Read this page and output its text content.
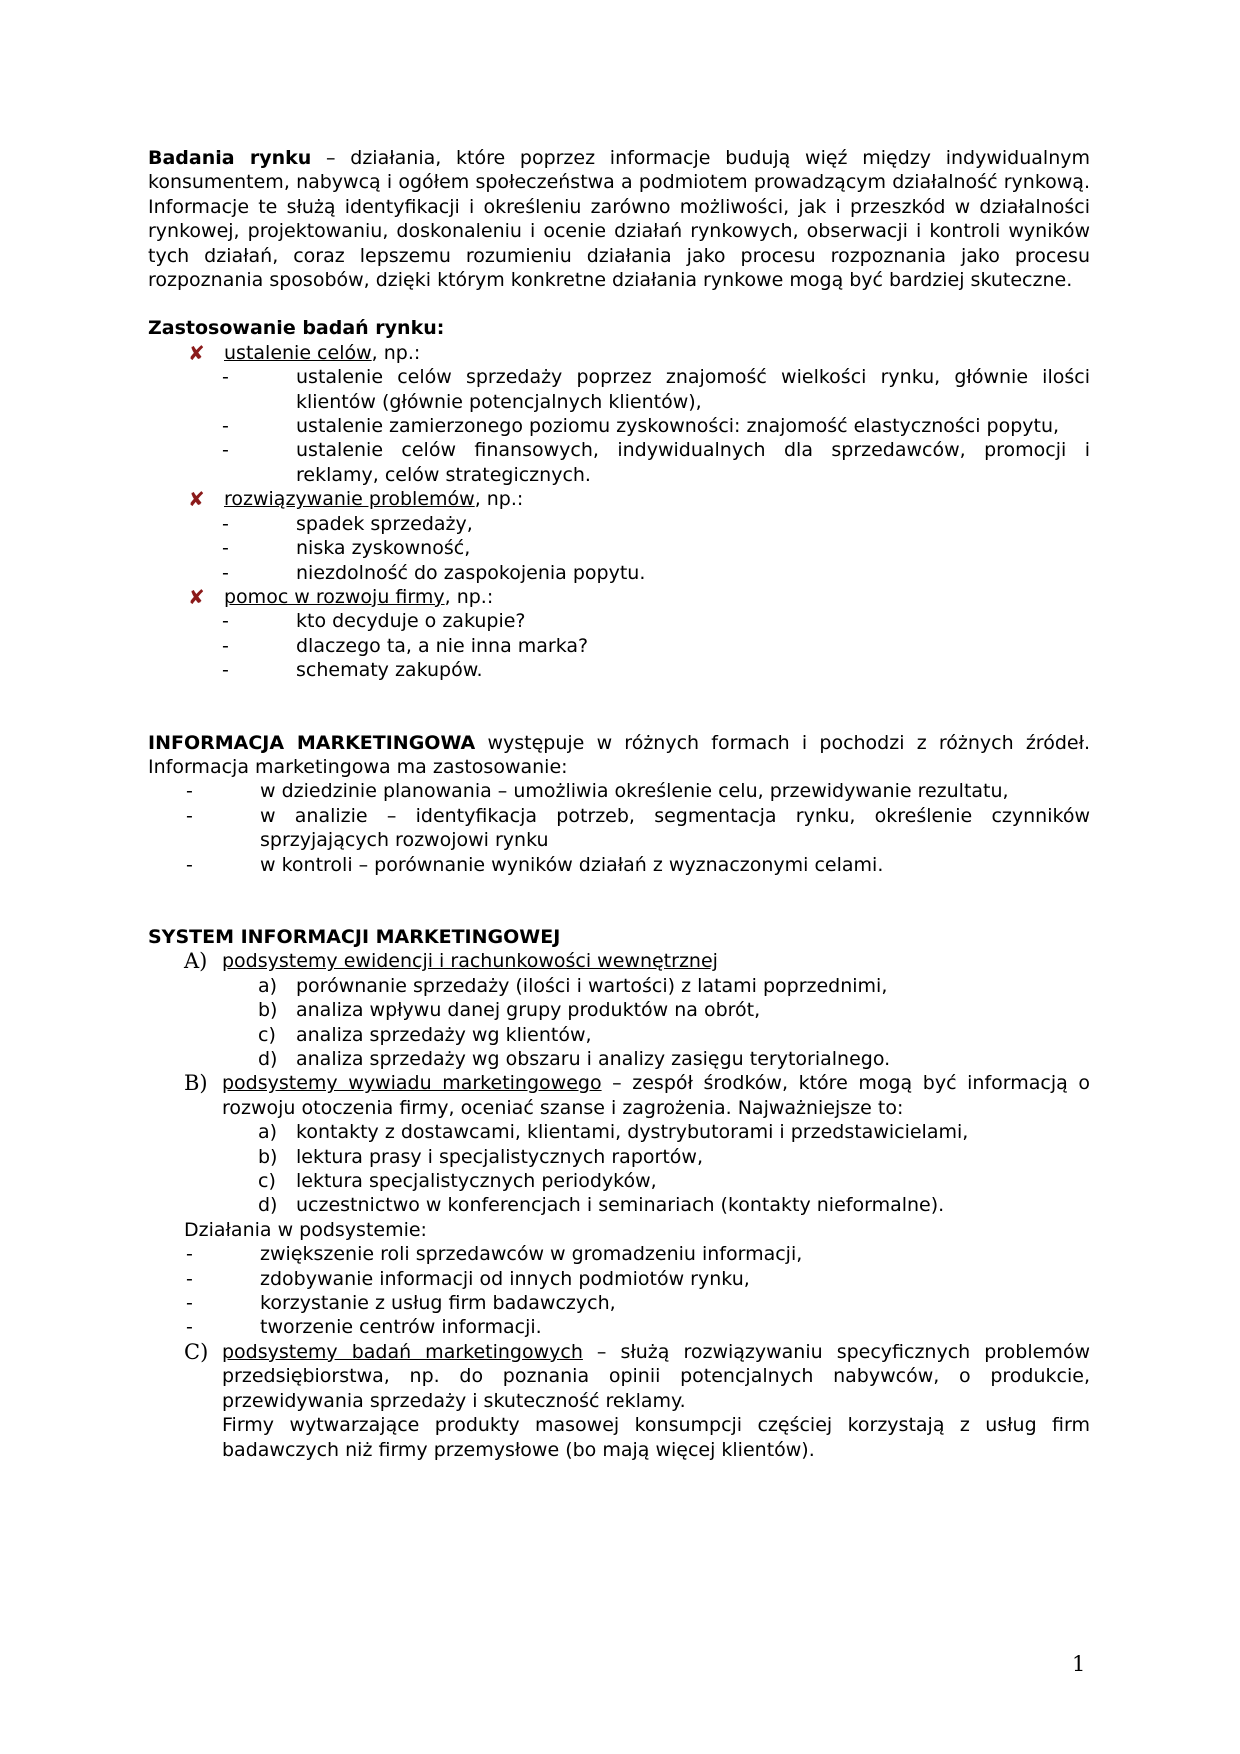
Badania rynku – działania, które poprzez informacje budują więź między indywidualnym konsumentem, nabywcą i ogółem społeczeństwa a podmiotem prowadzącym działalność rynkową. Informacje te służą identyfikacji i określeniu zarówno możliwości, jak i przeszkód w działalności rynkowej, projektowaniu, doskonaleniu i ocenie działań rynkowych, obserwacji i kontroli wyników tych działań, coraz lepszemu rozumieniu działania jako procesu rozpoznania jako procesu rozpoznania sposobów, dzięki którym konkretne działania rynkowe mogą być bardziej skuteczne.

Zastosowanie badań rynku:

✘	ustalenie celów, np.:
-	ustalenie celów sprzedaży poprzez znajomość wielkości rynku, głównie ilości klientów (głównie potencjalnych klientów),
-	ustalenie zamierzonego poziomu zyskowności: znajomość elastyczności popytu,
-	ustalenie celów finansowych, indywidualnych dla sprzedawców, promocji i reklamy, celów strategicznych.
✘	rozwiązywanie problemów, np.:
-	spadek sprzedaży,
-	niska zyskowność,
-	niezdolność do zaspokojenia popytu.
✘	pomoc w rozwoju firmy, np.:
-	kto decyduje o zakupie?
-	dlaczego ta, a nie inna marka?
-	schematy zakupów.

INFORMACJA MARKETINGOWA występuje w różnych formach i pochodzi z różnych źródeł. Informacja marketingowa ma zastosowanie:

-	w dziedzinie planowania – umożliwia określenie celu, przewidywanie rezultatu,
-	w analizie – identyfikacja potrzeb, segmentacja rynku, określenie czynników sprzyjających rozwojowi rynku
-	w kontroli – porównanie wyników działań z wyznaczonymi celami.

SYSTEM INFORMACJI MARKETINGOWEJ

A) podsystemy ewidencji i rachunkowości wewnętrznej
a) porównanie sprzedaży (ilości i wartości) z latami poprzednimi,
b) analiza wpływu danej grupy produktów na obrót,
c)	analiza sprzedaży wg klientów,
d) analiza sprzedaży wg obszaru i analizy zasięgu terytorialnego.
B) podsystemy wywiadu marketingowego – zespół środków, które mogą być informacją o rozwoju otoczenia firmy, oceniać szanse i zagrożenia. Najważniejsze to:
a) kontakty z dostawcami, klientami, dystrybutorami i przedstawicielami,
b) lektura prasy i specjalistycznych raportów,
c)	lektura specjalistycznych periodyków,
d) uczestnictwo w konferencjach i seminariach (kontakty nieformalne).

Działania w podsystemie:

-	zwiększenie roli sprzedawców w gromadzeniu informacji,
-	zdobywanie informacji od innych podmiotów rynku,
-	korzystanie z usług firm badawczych,
-	tworzenie centrów informacji.
C) podsystemy badań marketingowych – służą rozwiązywaniu specyficznych problemów przedsiębiorstwa, np. do poznania opinii potencjalnych nabywców, o produkcie, przewidywania sprzedaży i skuteczność reklamy.
Firmy wytwarzające produkty masowej konsumpcji częściej korzystają z usług firm badawczych niż firmy przemysłowe (bo mają więcej klientów).
1
